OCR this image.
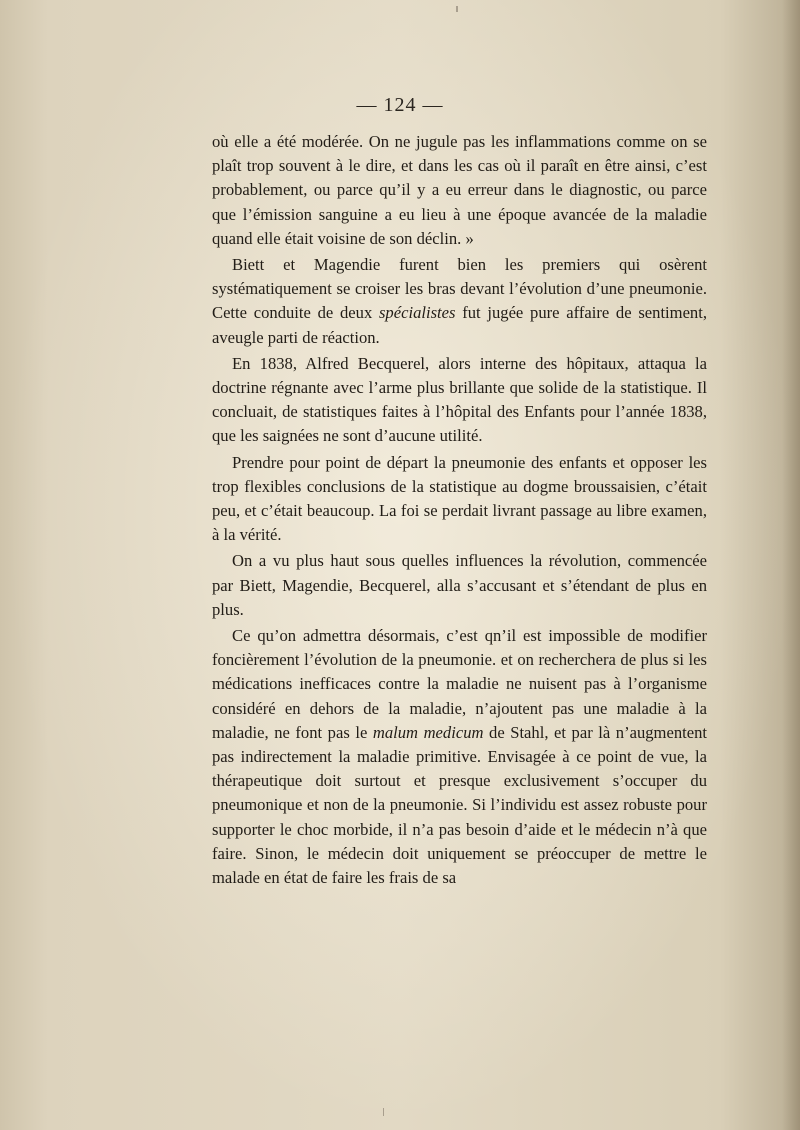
— 124 —

où elle a été modérée. On ne jugule pas les inflammations comme on se plaît trop souvent à le dire, et dans les cas où il paraît en être ainsi, c’est probablement, ou parce qu’il y a eu erreur dans le diagnostic, ou parce que l’émission sanguine a eu lieu à une époque avancée de la maladie quand elle était voisine de son déclin. »

Biett et Magendie furent bien les premiers qui osèrent systématiquement se croiser les bras devant l’évolution d’une pneumonie. Cette conduite de deux spécialistes fut jugée pure affaire de sentiment, aveugle parti de réaction.

En 1838, Alfred Becquerel, alors interne des hôpitaux, attaqua la doctrine régnante avec l’arme plus brillante que solide de la statistique. Il concluait, de statistiques faites à l’hôpital des Enfants pour l’année 1838, que les saignées ne sont d’aucune utilité.

Prendre pour point de départ la pneumonie des enfants et opposer les trop flexibles conclusions de la statistique au dogme broussaisien, c’était peu, et c’était beaucoup. La foi se perdait livrant passage au libre examen, à la vérité.

On a vu plus haut sous quelles influences la révolution, commencée par Biett, Magendie, Becquerel, alla s’accusant et s’étendant de plus en plus.

Ce qu’on admettra désormais, c’est qn’il est impossible de modifier foncièrement l’évolution de la pneumonie. et on recherchera de plus si les médications inefficaces contre la maladie ne nuisent pas à l’organisme considéré en dehors de la maladie, n’ajoutent pas une maladie à la maladie, ne font pas le malum medicum de Stahl, et par là n’augmentent pas indirectement la maladie primitive. Envisagée à ce point de vue, la thérapeutique doit surtout et presque exclusivement s’occuper du pneumonique et non de la pneumonie. Si l’individu est assez robuste pour supporter le choc morbide, il n’a pas besoin d’aide et le médecin n’à que faire. Sinon, le médecin doit uniquement se préoccuper de mettre le malade en état de faire les frais de sa
